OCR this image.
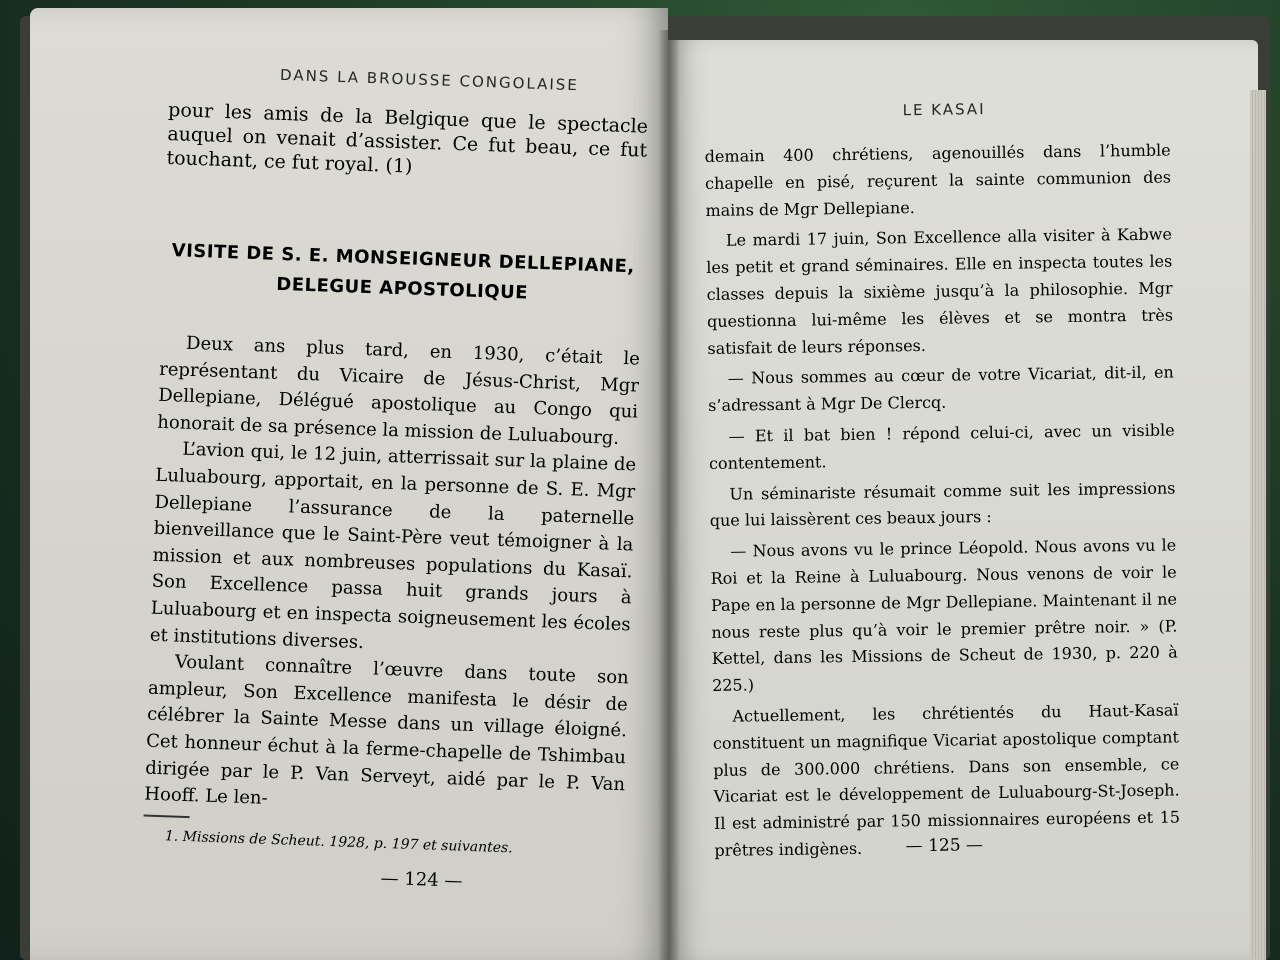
DANS LA BROUSSE CONGOLAISE
pour les amis de la Belgique que le spectacle auquel on venait d’assister. Ce fut beau, ce fut touchant, ce fut royal. (1)
VISITE DE S. E. MONSEIGNEUR DELLEPIANE,
DELEGUE APOSTOLIQUE

Deux ans plus tard, en 1930, c’était le représentant du Vicaire de Jésus-Christ, Mgr Dellepiane, Délégué apostolique au Congo qui honorait de sa présence la mission de Luluabourg.

L’avion qui, le 12 juin, atterrissait sur la plaine de Luluabourg, apportait, en la personne de S. E. Mgr Dellepiane l’assurance de la paternelle bienveillance que le Saint-Père veut témoigner à la mission et aux nombreuses populations du Kasaï. Son Excellence passa huit grands jours à Luluabourg et en inspecta soigneusement les écoles et institutions diverses.

Voulant connaître l’œuvre dans toute son ampleur, Son Excellence manifesta le désir de célébrer la Sainte Messe dans un village éloigné. Cet honneur échut à la ferme-chapelle de Tshimbau dirigée par le P. Van Serveyt, aidé par le P. Van Hooff. Le len-

1. Missions de Scheut. 1928, p. 197 et suivantes.
— 124 —
LE KASAI

demain 400 chrétiens, agenouillés dans l’humble chapelle en pisé, reçurent la sainte communion des mains de Mgr Dellepiane.

Le mardi 17 juin, Son Excellence alla visiter à Kabwe les petit et grand séminaires. Elle en inspecta toutes les classes depuis la sixième jusqu’à la philosophie. Mgr questionna lui-même les élèves et se montra très satisfait de leurs réponses.

— Nous sommes au cœur de votre Vicariat, dit-il, en s’adressant à Mgr De Clercq.

— Et il bat bien ! répond celui-ci, avec un visible contentement.

Un séminariste résumait comme suit les impressions que lui laissèrent ces beaux jours :

— Nous avons vu le prince Léopold. Nous avons vu le Roi et la Reine à Luluabourg. Nous venons de voir le Pape en la personne de Mgr Dellepiane. Maintenant il ne nous reste plus qu’à voir le premier prêtre noir. » (P. Kettel, dans les Missions de Scheut de 1930, p. 220 à 225.)

Actuellement, les chrétientés du Haut-Kasaï constituent un magnifique Vicariat apostolique comptant plus de 300.000 chrétiens. Dans son ensemble, ce Vicariat est le développement de Luluabourg-St-Joseph. Il est administré par 150 missionnaires européens et 15 prêtres indigènes.	— 125 —
